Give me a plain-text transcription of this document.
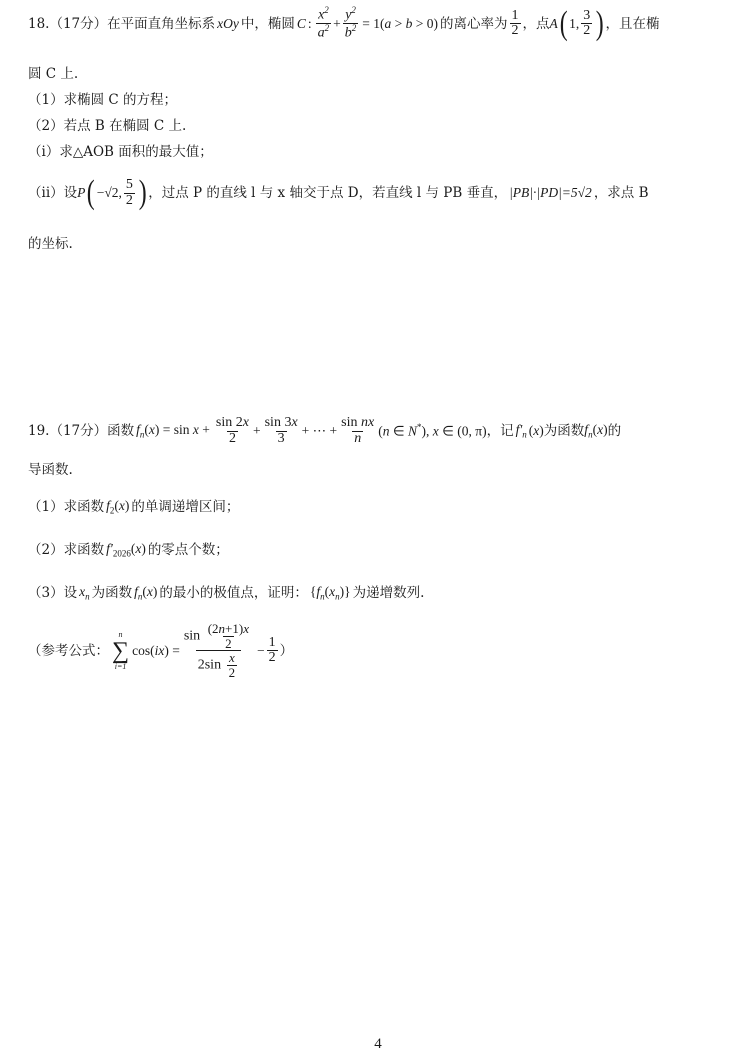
18.（17分）在平面直角坐标系 xOy 中，椭圆 C : $\frac{x^2}{a^2} + \frac{y^2}{b^2} = 1(a > b > 0)$ 的离心率为 $\frac{1}{2}$ ，点 A ( 1, $\frac{3}{2}$ ) ，且在椭
圆 C 上.
（1）求椭圆 C 的方程；
（2）若点 B 在椭圆 C 上.
（i）求△AOB 面积的最大值；
（ii）设 P ( −√2, $\frac{5}{2}$ ) ，过点 P 的直线 l 与 x 轴交于点 D，若直线 l 与 PB 垂直， |PB|·|PD|=5√2 ，求点 B
的坐标.
19.（17分）函数 $f_n(x) = \sin x + \frac{\sin 2x}{2} + \frac{\sin 3x}{3}$ + ⋯ + $\frac{\text{sin nx}}{n} (n$ ∈ N*), x ∈ (0, π) ，记 $f'_n$ (x) 为函数 $f_n(x)$ 的
导函数.
（1）求函数 $f_2(x)$ 的单调递增区间；
（2）求函数 $f'_{2026}(x)$ 的零点个数；
（3）设 $x_n$ 为函数 $f_n(x)$ 的最小的极值点，证明： $\{f_n(x_n)\}$ 为递增数列.
（参考公式：
n
∑
i=1
$\cos(ix) = \frac{\sin \frac{(2n+1)x}{2}}{2\sin \frac{x}{2}} - \frac{1}{2}$ ）
4
